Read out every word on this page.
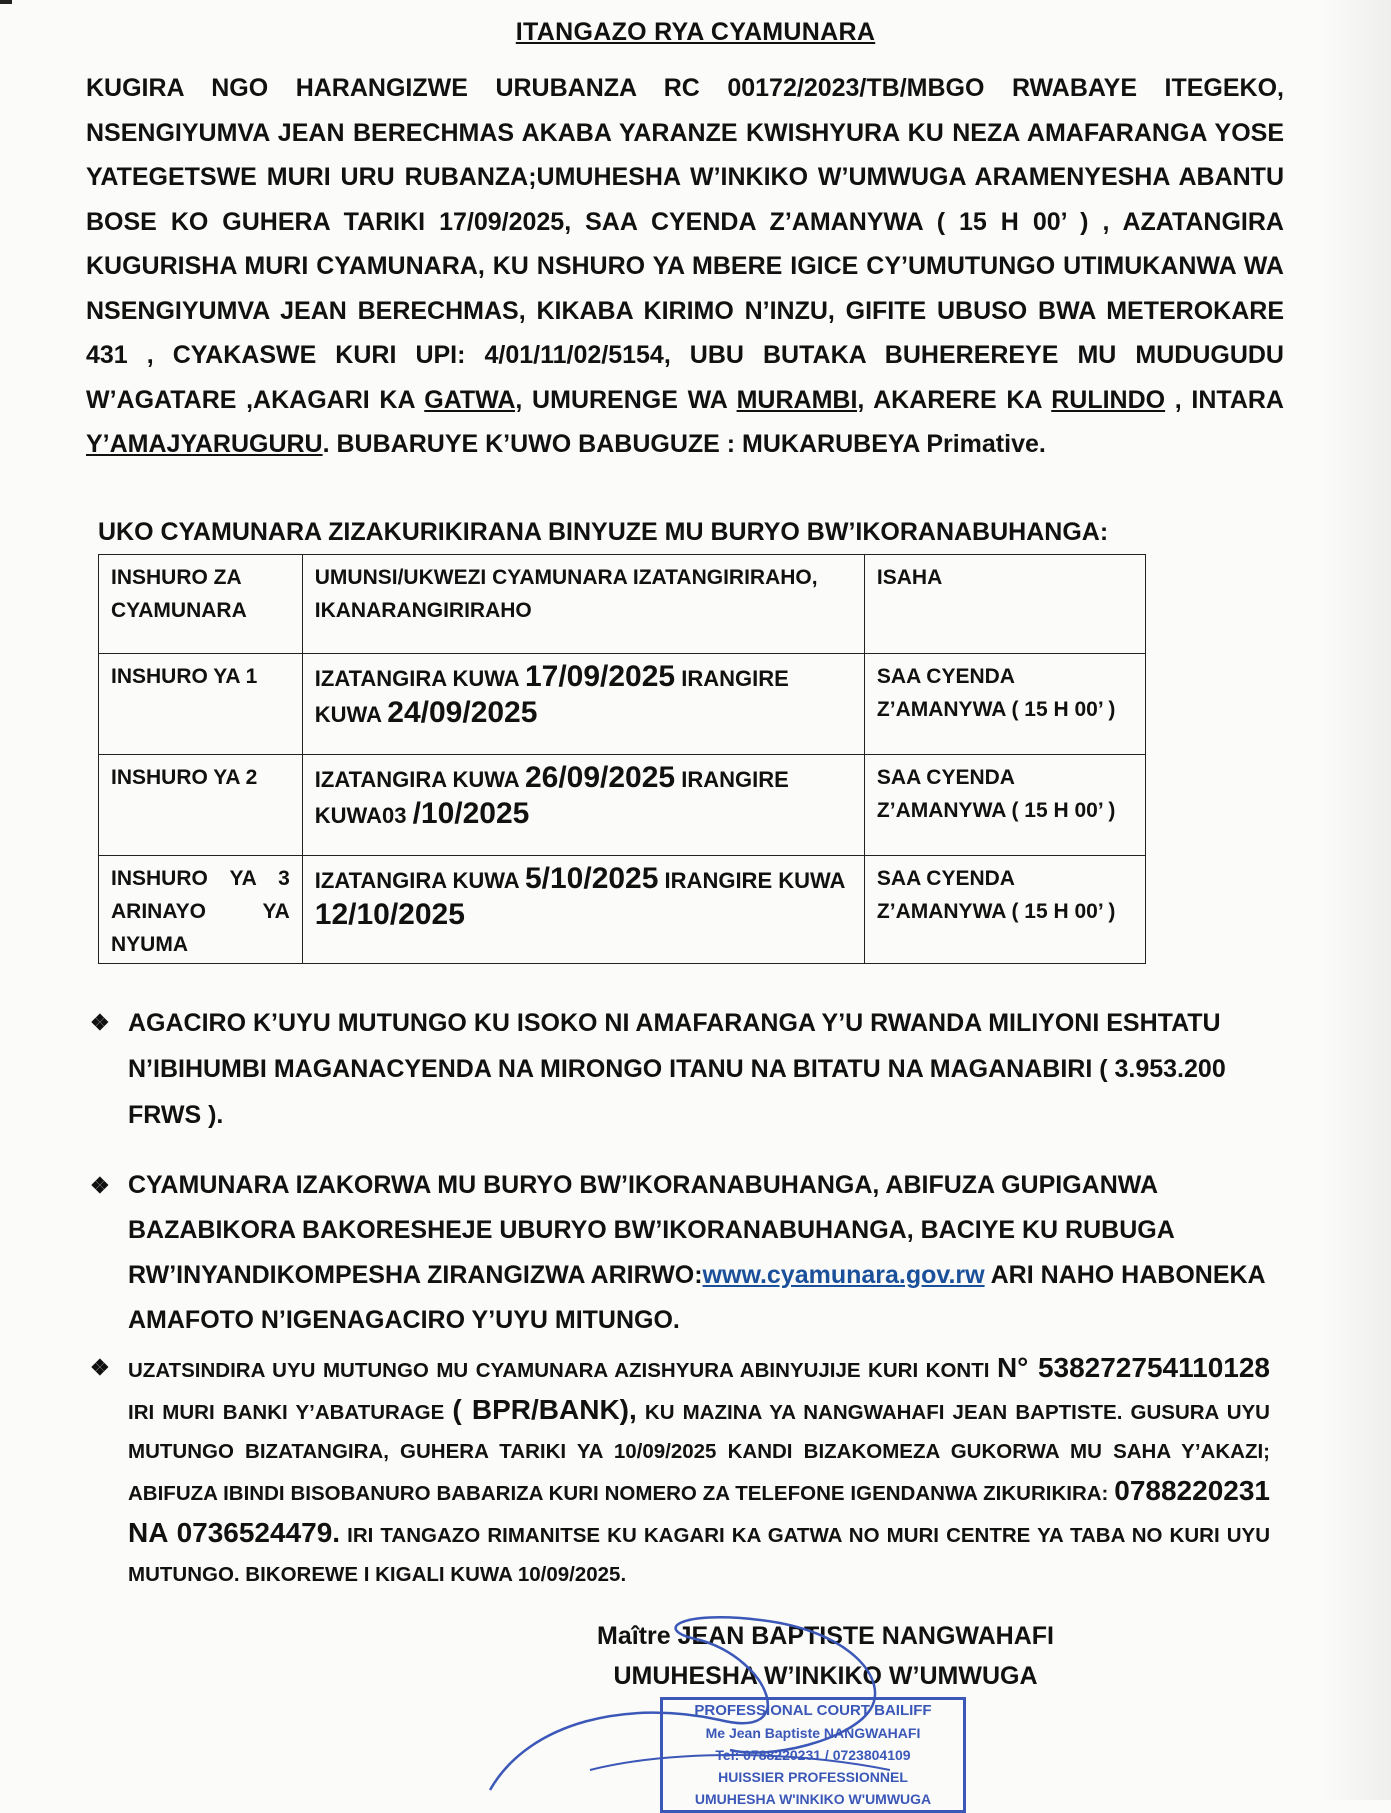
ITANGAZO RYA CYAMUNARA
KUGIRA NGO HARANGIZWE URUBANZA RC 00172/2023/TB/MBGO RWABAYE ITEGEKO, NSENGIYUMVA JEAN BERECHMAS AKABA YARANZE KWISHYURA KU NEZA AMAFARANGA YOSE YATEGETSWE MURI URU RUBANZA;UMUHESHA W’INKIKO W’UMWUGA ARAMENYESHA ABANTU BOSE KO GUHERA TARIKI 17/09/2025, SAA CYENDA Z’AMANYWA ( 15 H 00’ ) , AZATANGIRA KUGURISHA MURI CYAMUNARA, KU NSHURO YA MBERE IGICE CY’UMUTUNGO UTIMUKANWA WA NSENGIYUMVA JEAN BERECHMAS, KIKABA KIRIMO N’INZU, GIFITE UBUSO BWA METEROKARE 431 , CYAKASWE KURI UPI: 4/01/11/02/5154, UBU BUTAKA BUHEREREYE MU MUDUGUDU W’AGATARE ,AKAGARI KA GATWA, UMURENGE WA MURAMBI, AKARERE KA RULINDO , INTARA Y’AMAJYARUGURU. BUBARUYE K’UWO BABUGUZE : MUKARUBEYA Primative.
UKO CYAMUNARA ZIZAKURIKIRANA BINYUZE MU BURYO BW’IKORANABUHANGA:
INSHURO ZA CYAMUNARA	UMUNSI/UKWEZI CYAMUNARA IZATANGIRIRAHO, IKANARANGIRIRAHO	ISAHA
INSHURO YA 1	IZATANGIRA KUWA 17/09/2025 IRANGIRE KUWA 24/09/2025	SAA CYENDA Z’AMANYWA ( 15 H 00’ )
INSHURO YA 2	IZATANGIRA KUWA 26/09/2025 IRANGIRE KUWA03 /10/2025	SAA CYENDA Z’AMANYWA ( 15 H 00’ )
INSHURO YA 3 ARINAYO YA NYUMA	IZATANGIRA KUWA 5/10/2025 IRANGIRE KUWA 12/10/2025	SAA CYENDA Z’AMANYWA ( 15 H 00’ )
❖ AGACIRO K’UYU MUTUNGO KU ISOKO NI AMAFARANGA Y’U RWANDA MILIYONI ESHTATU N’IBIHUMBI MAGANACYENDA NA MIRONGO ITANU NA BITATU NA MAGANABIRI ( 3.953.200 FRWS ).
❖ CYAMUNARA IZAKORWA MU BURYO BW’IKORANABUHANGA, ABIFUZA GUPIGANWA BAZABIKORA BAKORESHEJE UBURYO BW’IKORANABUHANGA, BACIYE KU RUBUGA RW’INYANDIKOMPESHA ZIRANGIZWA ARIRWO:www.cyamunara.gov.rw ARI NAHO HABONEKA AMAFOTO N’IGENAGACIRO Y’UYU MITUNGO.
❖ UZATSINDIRA UYU MUTUNGO MU CYAMUNARA AZISHYURA ABINYUJIJE KURI KONTI N° 538272754110128 IRI MURI BANKI Y’ABATURAGE ( BPR/BANK), KU MAZINA YA NANGWAHAFI JEAN BAPTISTE. GUSURA UYU MUTUNGO BIZATANGIRA, GUHERA TARIKI YA 10/09/2025 KANDI BIZAKOMEZA GUKORWA MU SAHA Y’AKAZI; ABIFUZA IBINDI BISOBANURO BABARIZA KURI NOMERO ZA TELEFONE IGENDANWA ZIKURIKIRA: 0788220231 NA 0736524479. IRI TANGAZO RIMANITSE KU KAGARI KA GATWA NO MURI CENTRE YA TABA NO KURI UYU MUTUNGO. BIKOREWE I KIGALI KUWA 10/09/2025.
Maître JEAN BAPTISTE NANGWAHAFI
UMUHESHA W’INKIKO W’UMWUGA
PROFESSIONAL COURT BAILIFF
Me Jean Baptiste NANGWAHAFI
Tel: 0788220231 / 0723804109
HUISSIER PROFESSIONNEL
UMUHESHA W'INKIKO W'UMWUGA
